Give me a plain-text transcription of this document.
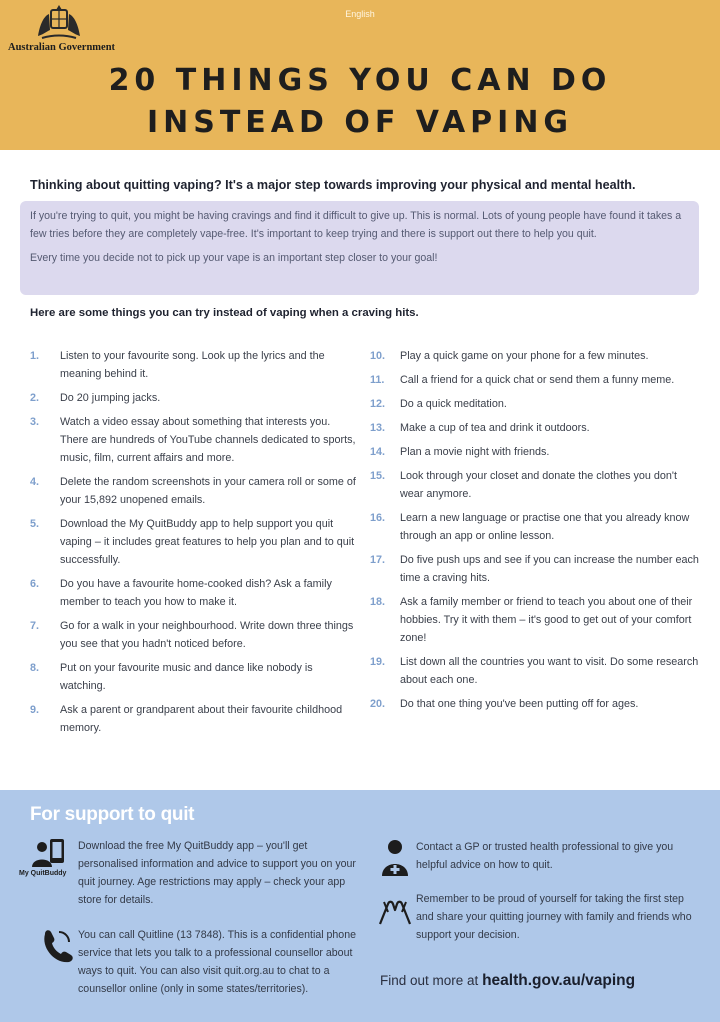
Australian Government
English
20 THINGS YOU CAN DO
INSTEAD OF VAPING
Thinking about quitting vaping? It's a major step towards improving your physical and mental health.

If you're trying to quit, you might be having cravings and find it difficult to give up. This is normal. Lots of young people have found it takes a few tries before they are completely vape-free. It's important to keep trying and there is support out there to help you quit.

Every time you decide not to pick up your vape is an important step closer to your goal!

Here are some things you can try instead of vaping when a craving hits.
1. Listen to your favourite song. Look up the lyrics and the meaning behind it.
2. Do 20 jumping jacks.
3. Watch a video essay about something that interests you. There are hundreds of YouTube channels dedicated to sports, music, film, current affairs and more.
4. Delete the random screenshots in your camera roll or some of your 15,892 unopened emails.
5. Download the My QuitBuddy app to help support you quit vaping – it includes great features to help you plan and to quit successfully.
6. Do you have a favourite home-cooked dish? Ask a family member to teach you how to make it.
7. Go for a walk in your neighbourhood. Write down three things you see that you hadn't noticed before.
8. Put on your favourite music and dance like nobody is watching.
9. Ask a parent or grandparent about their favourite childhood memory.
10. Play a quick game on your phone for a few minutes.
11. Call a friend for a quick chat or send them a funny meme.
12. Do a quick meditation.
13. Make a cup of tea and drink it outdoors.
14. Plan a movie night with friends.
15. Look through your closet and donate the clothes you don't wear anymore.
16. Learn a new language or practise one that you already know through an app or online lesson.
17. Do five push ups and see if you can increase the number each time a craving hits.
18. Ask a family member or friend to teach you about one of their hobbies. Try it with them – it's good to get out of your comfort zone!
19. List down all the countries you want to visit. Do some research about each one.
20. Do that one thing you've been putting off for ages.
For support to quit
My QuitBuddy
Download the free My QuitBuddy app – you'll get personalised information and advice to support you on your quit journey. Age restrictions may apply – check your app store for details.
You can call Quitline (13 7848). This is a confidential phone service that lets you talk to a professional counsellor about ways to quit. You can also visit quit.org.au to chat to a counsellor online (only in some states/territories).
Contact a GP or trusted health professional to give you helpful advice on how to quit.
Remember to be proud of yourself for taking the first step and share your quitting journey with family and friends who support your decision.
Find out more at health.gov.au/vaping
